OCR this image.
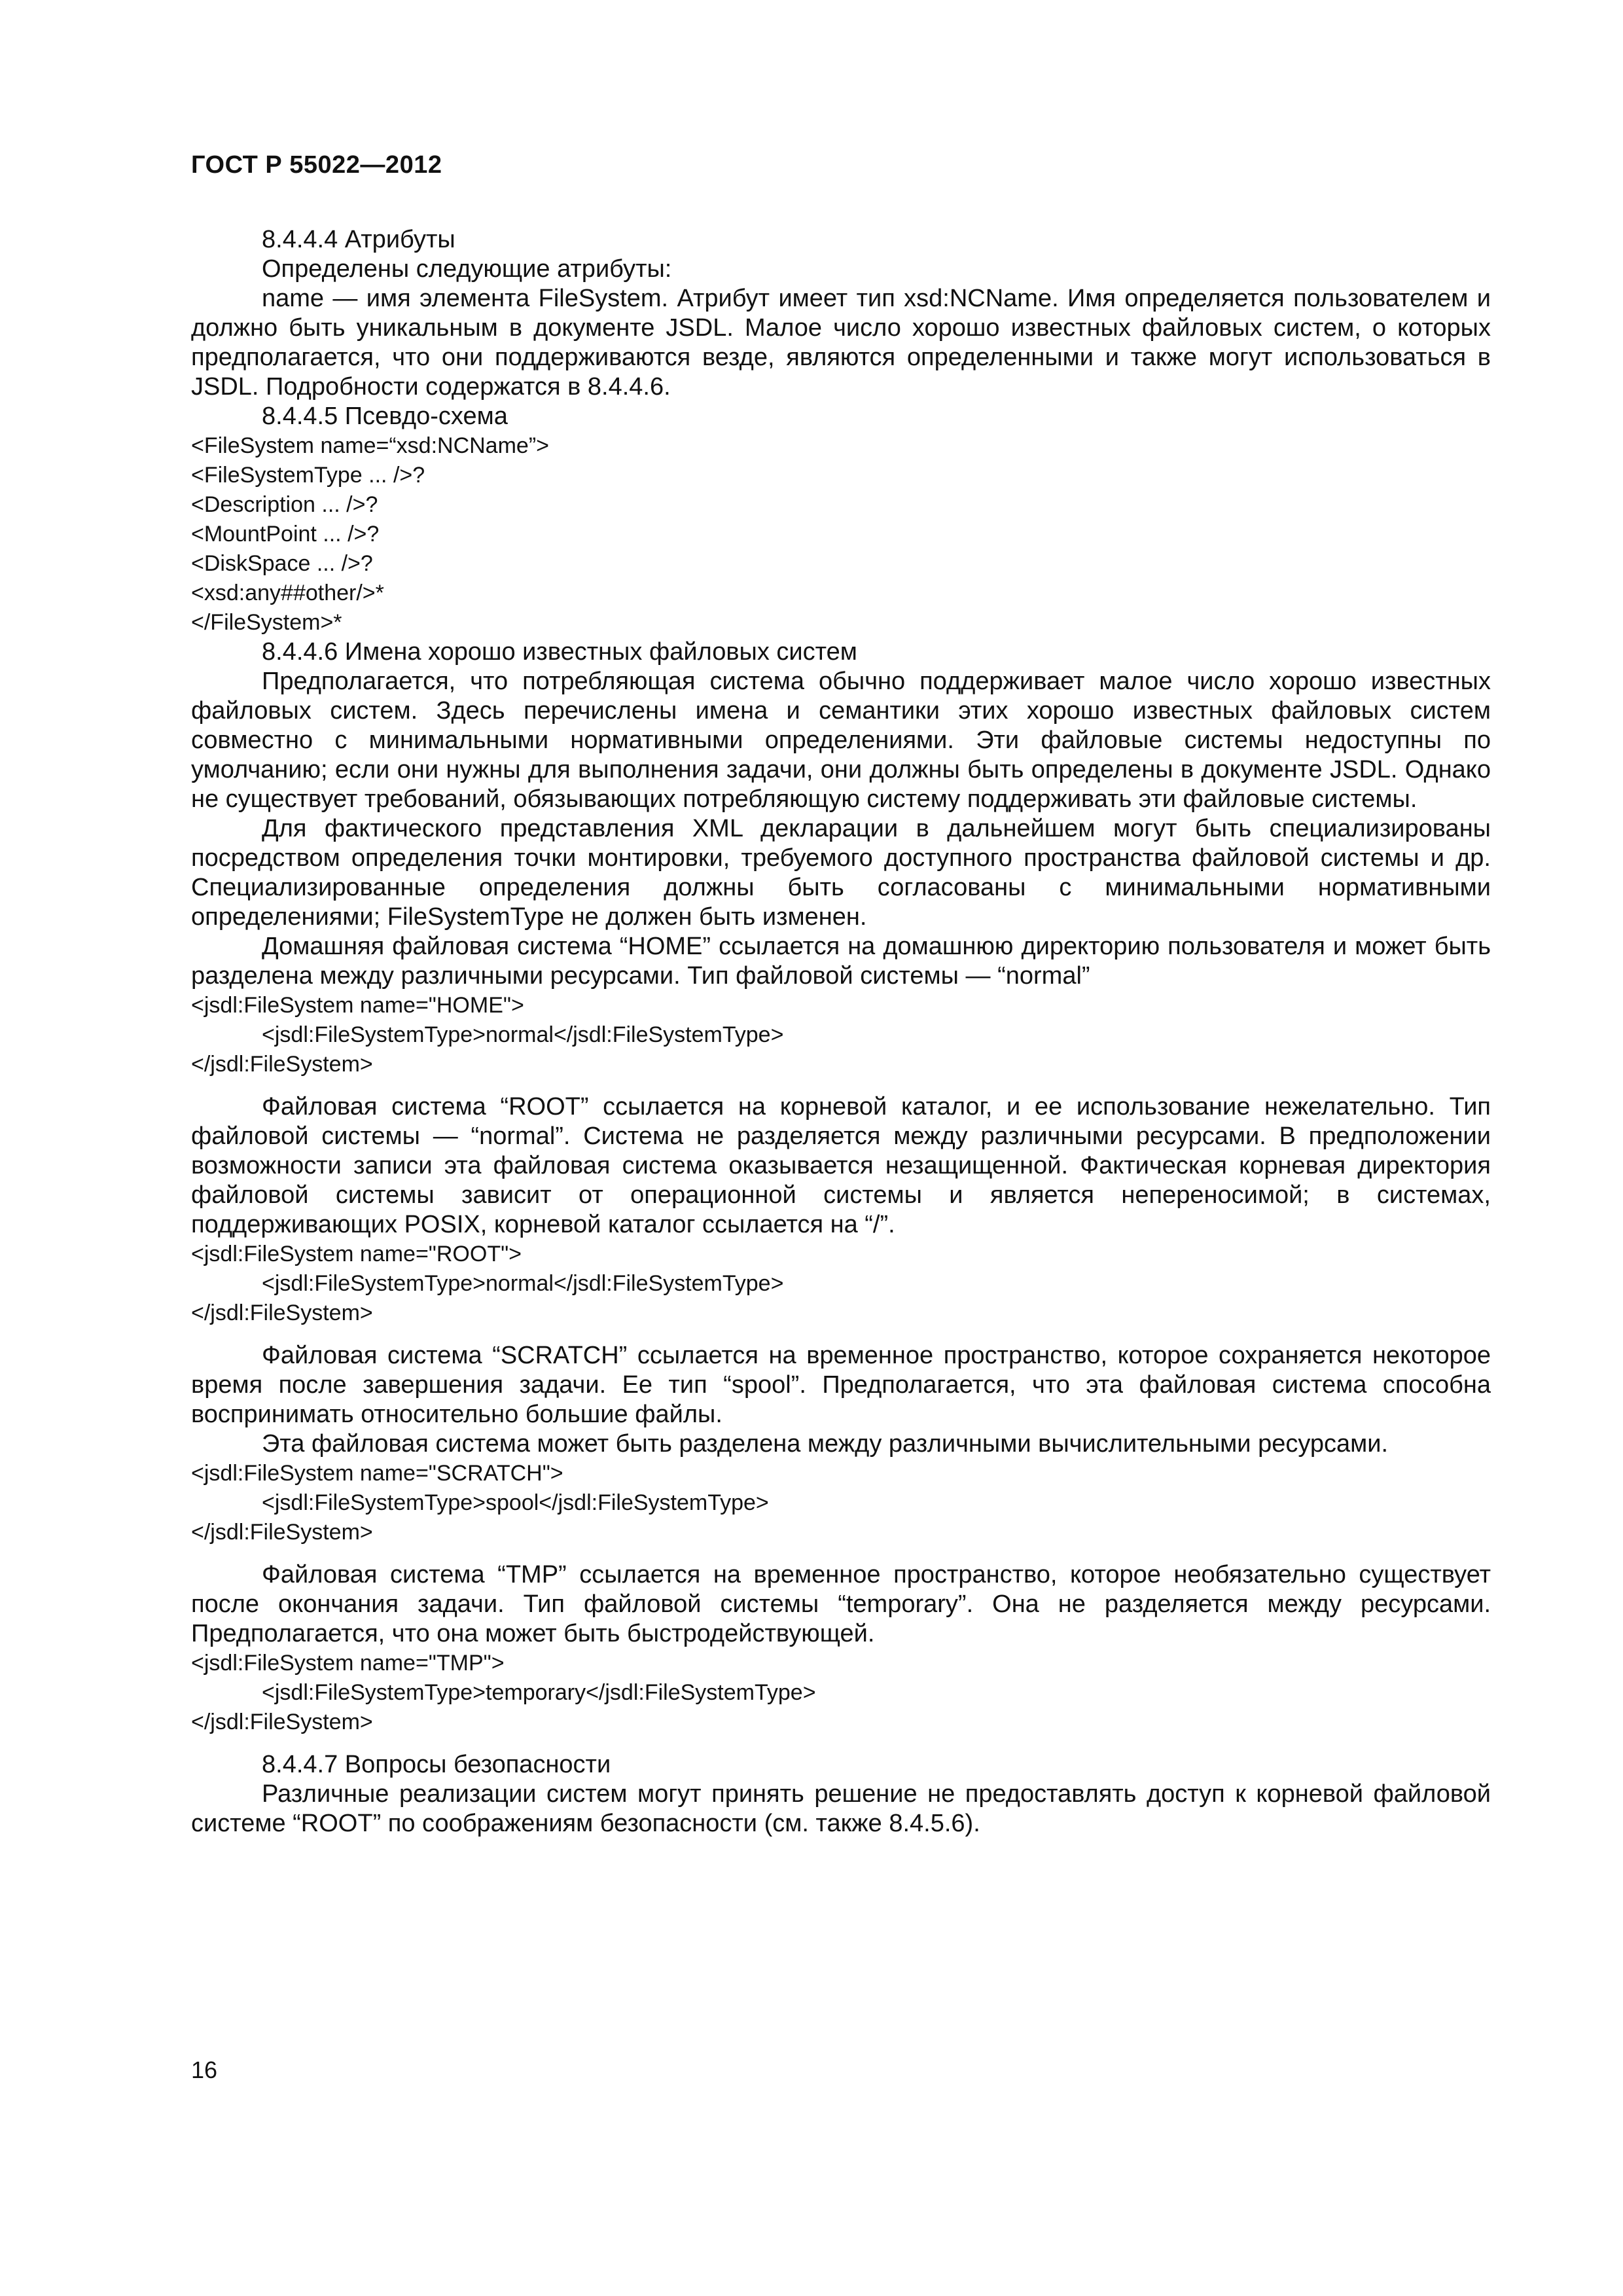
ГОСТ Р 55022—2012

8.4.4.4 Атрибуты

Определены следующие атрибуты:

name — имя элемента FileSystem. Атрибут имеет тип xsd:NCName. Имя определяется пользователем и должно быть уникальным в документе JSDL. Малое число хорошо известных файловых систем, о которых предполагается, что они поддерживаются везде, являются определенными и также могут использоваться в JSDL. Подробности содержатся в 8.4.4.6.

8.4.4.5 Псевдо-схема

<FileSystem name=“xsd:NCName”>

<FileSystemType ... />?

<Description ... />?

<MountPoint ... />?

<DiskSpace ... />?

<xsd:any##other/>*

</FileSystem>*

8.4.4.6 Имена хорошо известных файловых систем

Предполагается, что потребляющая система обычно поддерживает малое число хорошо известных файловых систем. Здесь перечислены имена и семантики этих хорошо известных файловых систем совместно с минимальными нормативными определениями. Эти файловые системы недоступны по умолчанию; если они нужны для выполнения задачи, они должны быть определены в документе JSDL. Однако не существует требований, обязывающих потребляющую систему поддерживать эти файловые системы.

Для фактического представления XML декларации в дальнейшем могут быть специализированы посредством определения точки монтировки, требуемого доступного пространства файловой системы и др. Специализированные определения должны быть согласованы с минимальными нормативными определениями; FileSystemType не должен быть изменен.

Домашняя файловая система “HOME” ссылается на домашнюю директорию пользователя и может быть разделена между различными ресурсами. Тип файловой системы — “normal”

<jsdl:FileSystem name="HOME">

<jsdl:FileSystemType>normal</jsdl:FileSystemType>

</jsdl:FileSystem>

Файловая система “ROOT” ссылается на корневой каталог, и ее использование нежелательно. Тип файловой системы — “normal”. Система не разделяется между различными ресурсами. В предположении возможности записи эта файловая система оказывается незащищенной. Фактическая корневая директория файловой системы зависит от операционной системы и является непереносимой; в системах, поддерживающих POSIX, корневой каталог ссылается на “/”.

<jsdl:FileSystem name="ROOT">

<jsdl:FileSystemType>normal</jsdl:FileSystemType>

</jsdl:FileSystem>

Файловая система “SCRATCH” ссылается на временное пространство, которое сохраняется некоторое время после завершения задачи. Ее тип “spool”. Предполагается, что эта файловая система способна воспринимать относительно большие файлы.

Эта файловая система может быть разделена между различными вычислительными ресурсами.

<jsdl:FileSystem name="SCRATCH">

<jsdl:FileSystemType>spool</jsdl:FileSystemType>

</jsdl:FileSystem>

Файловая система “TMP” ссылается на временное пространство, которое необязательно существует после окончания задачи. Тип файловой системы “temporary”. Она не разделяется между ресурсами. Предполагается, что она может быть быстродействующей.

<jsdl:FileSystem name="TMP">

<jsdl:FileSystemType>temporary</jsdl:FileSystemType>

</jsdl:FileSystem>

8.4.4.7 Вопросы безопасности

Различные реализации систем могут принять решение не предоставлять доступ к корневой файловой системе “ROOT” по соображениям безопасности (см. также 8.4.5.6).

16
